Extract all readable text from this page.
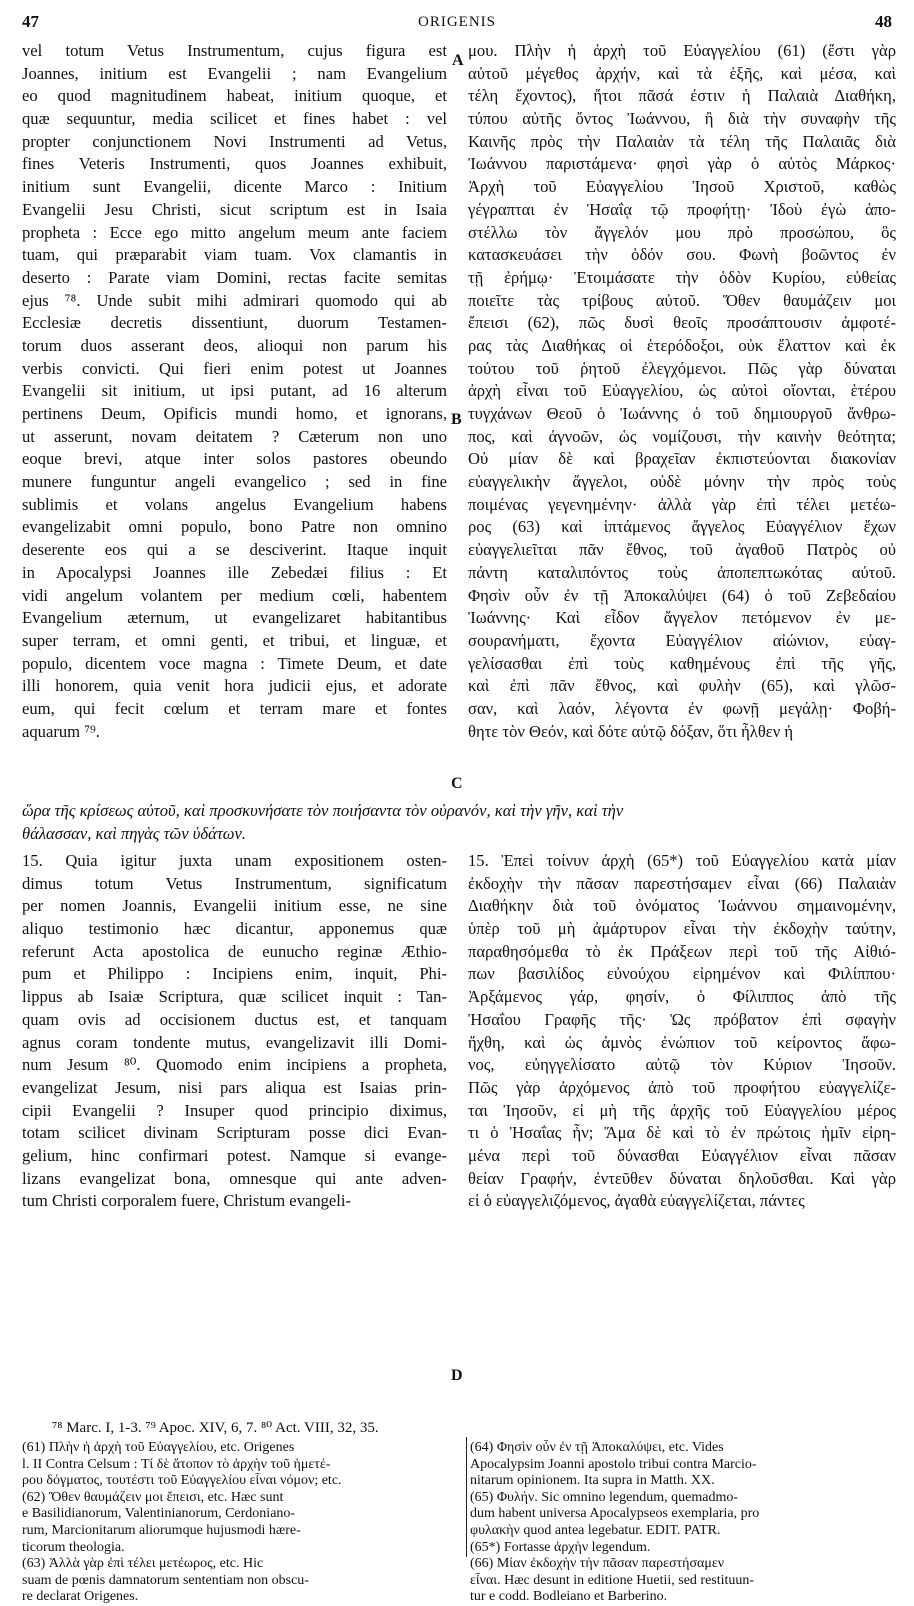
47	ORIGENIS	48
vel totum Vetus Instrumentum, cujus figura est
Joannes, initium est Evangelii ; nam Evangelium
eo quod magnitudinem habeat, initium quoque, et
quæ sequuntur, media scilicet et fines habet : vel
propter conjunctionem Novi Instrumenti ad Vetus,
fines Veteris Instrumenti, quos Joannes exhibuit,
initium sunt Evangelii, dicente Marco : Initium
Evangelii Jesu Christi, sicut scriptum est in Isaia
propheta : Ecce ego mitto angelum meum ante faciem
tuam, qui præparabit viam tuam. Vox clamantis in
deserto : Parate viam Domini, rectas facite semitas
ejus ⁷⁸. Unde subit mihi admirari quomodo qui ab
Ecclesiæ decretis dissentiunt, duorum Testamen-
torum duos asserant deos, alioqui non parum his
verbis convicti. Qui fieri enim potest ut Joannes
Evangelii sit initium, ut ipsi putant, ad 16 alterum
pertinens Deum, Opificis mundi homo, et ignorans,
ut asserunt, novam deitatem ? Cæterum non uno
eoque brevi, atque inter solos pastores obeundo
munere funguntur angeli evangelico ; sed in fine
sublimis et volans angelus Evangelium habens
evangelizabit omni populo, bono Patre non omnino
deserente eos qui a se desciverint. Itaque inquit
in Apocalypsi Joannes ille Zebedæi filius : Et
vidi angelum volantem per medium cœli, habentem
Evangelium æternum, ut evangelizaret habitantibus
super terram, et omni genti, et tribui, et linguæ, et
populo, dicentem voce magna : Timete Deum, et date
illi honorem, quia venit hora judicii ejus, et adorate
eum, qui fecit cœlum et terram mare et fontes
aquarum ⁷⁹.
μου. Πλὴν ἡ ἀρχὴ τοῦ Εὐαγγελίου (61) (ἔστι γὰρ
αὐτοῦ μέγεθος ἀρχήν, καὶ τὰ ἑξῆς, καὶ μέσα, καὶ
τέλη ἔχοντος), ἤτοι πᾶσά ἐστιν ἡ Παλαιὰ Διαθήκη,
τύπου αὐτῆς ὄντος Ἰωάννου, ἢ διὰ τὴν συναφὴν τῆς
Καινῆς πρὸς τὴν Παλαιὰν τὰ τέλη τῆς Παλαιᾶς διὰ
Ἰωάννου παριστάμενα· φησὶ γὰρ ὁ αὐτὸς Μάρκος·
Ἀρχὴ τοῦ Εὐαγγελίου Ἰησοῦ Χριστοῦ, καθὼς
γέγραπται ἐν Ἡσαΐᾳ τῷ προφήτῃ· Ἰδοὺ ἐγὼ ἀπο-
στέλλω τὸν ἄγγελόν μου πρὸ προσώπου, ὃς
κατασκευάσει τὴν ὁδόν σου. Φωνὴ βοῶντος ἐν
τῇ ἐρήμῳ· Ἑτοιμάσατε τὴν ὁδὸν Κυρίου, εὐθείας
ποιεῖτε τὰς τρίβους αὐτοῦ. Ὅθεν θαυμάζειν μοι
ἔπεισι (62), πῶς δυσὶ θεοῖς προσάπτουσιν ἀμφοτέ-
ρας τὰς Διαθήκας οἱ ἑτερόδοξοι, οὐκ ἔλαττον καὶ ἐκ
τούτου τοῦ ῥητοῦ ἐλεγχόμενοι. Πῶς γὰρ δύναται
ἀρχὴ εἶναι τοῦ Εὐαγγελίου, ὡς αὐτοὶ οἴονται, ἑτέρου
τυγχάνων Θεοῦ ὁ Ἰωάννης ὁ τοῦ δημιουργοῦ ἄνθρω-
πος, καὶ ἀγνοῶν, ὡς νομίζουσι, τὴν καινὴν θεότητα;
Οὐ μίαν δὲ καὶ βραχεῖαν ἐκπιστεύονται διακονίαν
εὐαγγελικὴν ἄγγελοι, οὐδὲ μόνην τὴν πρὸς τοὺς
ποιμένας γεγενημένην· ἀλλὰ γὰρ ἐπὶ τέλει μετέω-
ρος (63) καὶ ἱπτάμενος ἄγγελος Εὐαγγέλιον ἔχων
εὐαγγελιεῖται πᾶν ἔθνος, τοῦ ἀγαθοῦ Πατρὸς οὐ
πάντη καταλιπόντος τοὺς ἀποπεπτωκότας αὐτοῦ.
Φησὶν οὖν ἐν τῇ Ἀποκαλύψει (64) ὁ τοῦ Ζεβεδαίου
Ἰωάννης· Καὶ εἶδον ἄγγελον πετόμενον ἐν με-
σουρανήματι, ἔχοντα Εὐαγγέλιον αἰώνιον, εὐαγ-
γελίσασθαι ἐπὶ τοὺς καθημένους ἐπὶ τῆς γῆς,
καὶ ἐπὶ πᾶν ἔθνος, καὶ φυλὴν (65), καὶ γλῶσ-
σαν, καὶ λαόν, λέγοντα ἐν φωνῇ μεγάλῃ· Φοβή-
θητε τὸν Θεόν, καὶ δότε αὐτῷ δόξαν, ὅτι ἦλθεν ἡ
A
B
C
D
ὥρα τῆς κρίσεως αὐτοῦ, καὶ προσκυνήσατε τὸν ποιήσαντα τὸν οὐρανόν, καὶ τὴν γῆν, καὶ τὴν
θάλασσαν, καὶ πηγὰς τῶν ὑδάτων.
15. Quia igitur juxta unam expositionem osten-
dimus totum Vetus Instrumentum, significatum
per nomen Joannis, Evangelii initium esse, ne sine
aliquo testimonio hæc dicantur, apponemus quæ
referunt Acta apostolica de eunucho reginæ Æthio-
pum et Philippo : Incipiens enim, inquit, Phi-
lippus ab Isaiæ Scriptura, quæ scilicet inquit : Tan-
quam ovis ad occisionem ductus est, et tanquam
agnus coram tondente mutus, evangelizavit illi Domi-
num Jesum ⁸⁰. Quomodo enim incipiens a propheta,
evangelizat Jesum, nisi pars aliqua est Isaias prin-
cipii Evangelii ? Insuper quod principio diximus,
totam scilicet divinam Scripturam posse dici Evan-
gelium, hinc confirmari potest. Namque si evange-
lizans evangelizat bona, omnesque qui ante adven-
tum Christi corporalem fuere, Christum evangeli-
15. Ἐπεὶ τοίνυν ἀρχὴ (65*) τοῦ Εὐαγγελίου κατὰ μίαν
ἐκδοχὴν τὴν πᾶσαν παρεστήσαμεν εἶναι (66) Παλαιὰν
Διαθήκην διὰ τοῦ ὀνόματος Ἰωάννου σημαινομένην,
ὑπὲρ τοῦ μὴ ἀμάρτυρον εἶναι τὴν ἐκδοχὴν ταύτην,
παραθησόμεθα τὸ ἐκ Πράξεων περὶ τοῦ τῆς Αἰθιό-
πων βασιλίδος εὐνούχου εἰρημένον καὶ Φιλίππου·
Ἀρξάμενος γάρ, φησίν, ὁ Φίλιππος ἀπὸ τῆς
Ἠσαΐου Γραφῆς τῆς· Ὡς πρόβατον ἐπὶ σφαγὴν
ἤχθη, καὶ ὡς ἀμνὸς ἐνώπιον τοῦ κείροντος ἄφω-
νος, εὐηγγελίσατο αὐτῷ τὸν Κύριον Ἰησοῦν.
Πῶς γὰρ ἀρχόμενος ἀπὸ τοῦ προφήτου εὐαγγελίζε-
ται Ἰησοῦν, εἰ μὴ τῆς ἀρχῆς τοῦ Εὐαγγελίου μέρος
τι ὁ Ἠσαΐας ἦν; Ἅμα δὲ καὶ τὸ ἐν πρώτοις ἡμῖν εἰρη-
μένα περὶ τοῦ δύνασθαι Εὐαγγέλιον εἶναι πᾶσαν
θείαν Γραφήν, ἐντεῦθεν δύναται δηλοῦσθαι. Καὶ γὰρ
εἰ ὁ εὐαγγελιζόμενος, ἀγαθὰ εὐαγγελίζεται, πάντες
⁷⁸ Marc. I, 1-3. ⁷⁹ Apoc. XIV, 6, 7. ⁸⁰ Act. VIII, 32, 35.
(61) Πλὴν ἡ ἀρχὴ τοῦ Εὐαγγελίου, etc. Origenes
l. II Contra Celsum : Τί δὲ ἄτοπον τὸ ἀρχὴν τοῦ ἡμετέ-
ρου δόγματος, τουτέστι τοῦ Εὐαγγελίου εἶναι νόμον; etc.
(62) Ὅθεν θαυμάζειν μοι ἔπεισι, etc. Hæc sunt
e Basilidianorum, Valentinianorum, Cerdoniano-
rum, Marcionitarum aliorumque hujusmodi hære-
ticorum theologia.
(63) Ἀλλὰ γὰρ ἐπὶ τέλει μετέωρος, etc. Hic
suam de pœnis damnatorum sententiam non obscu-
re declarat Origenes.
(64) Φησὶν οὖν ἐν τῇ Ἀποκαλύψει, etc. Vides
Apocalypsim Joanni apostolo tribui contra Marcio-
nitarum opinionem. Ita supra in Matth. XX.
(65) Φυλήν. Sic omnino legendum, quemadmo-
dum habent universa Apocalypseos exemplaria, pro
φυλακὴν quod antea legebatur. EDIT. PATR.
(65*) Fortasse ἀρχὴν legendum.
(66) Μίαν ἐκδοχὴν τὴν πᾶσαν παρεστήσαμεν
εἶναι. Hæc desunt in editione Huetii, sed restituun-
tur e codd. Bodleiano et Barberino.
